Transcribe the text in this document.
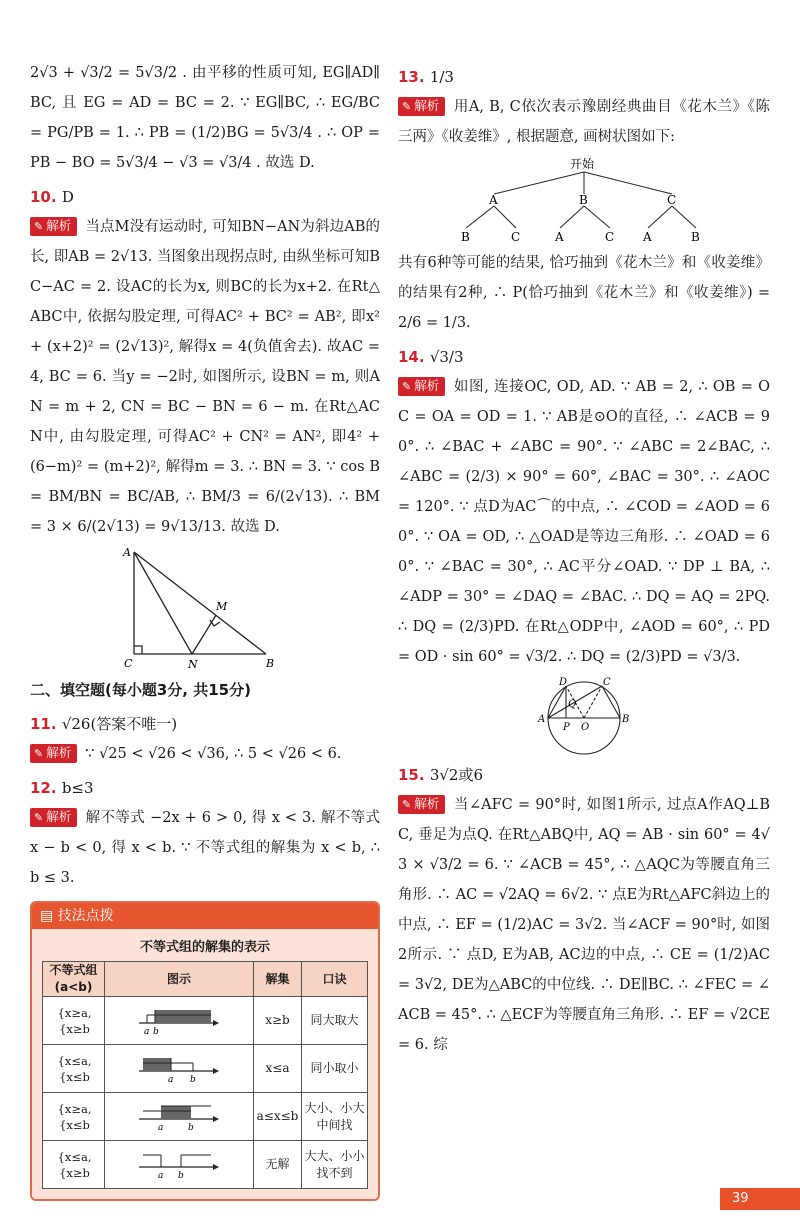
2√3 + √3/2 = 5√3/2 . 由平移的性质可知, EG∥AD∥BC, 且 EG = AD = BC = 2. ∵ EG∥BC, ∴ EG/BC = PG/PB = 1. ∴ PB = (1/2)BG = 5√3/4 . ∴ OP = PB − BO = 5√3/4 − √3 = √3/4 . 故选 D.
10. D
✎ 解析 当点M没有运动时, 可知BN−AN为斜边AB的长, 即AB = 2√13. 当图象出现拐点时, 由纵坐标可知BC−AC = 2. 设AC的长为x, 则BC的长为x+2. 在Rt△ABC中, 依据勾股定理, 可得AC² + BC² = AB², 即x² + (x+2)² = (2√13)², 解得x = 4(负值舍去). 故AC = 4, BC = 6. 当y = −2时, 如图所示, 设BN = m, 则AN = m + 2, CN = BC − BN = 6 − m. 在Rt△ACN中, 由勾股定理, 可得AC² + CN² = AN², 即4² + (6−m)² = (m+2)², 解得m = 3. ∴ BN = 3. ∵ cos B = BM/BN = BC/AB, ∴ BM/3 = 6/(2√13). ∴ BM = 3 × 6/(2√13) = 9√13/13. 故选 D.
A
M
C	N	B
二、填空题(每小题3分, 共15分)
11. √26(答案不唯一)
✎ 解析 ∵ √25 < √26 < √36, ∴ 5 < √26 < 6.
12. b≤3
✎ 解析 解不等式 −2x + 6 > 0, 得 x < 3. 解不等式 x − b < 0, 得 x < b. ∵ 不等式组的解集为 x < b, ∴ b ≤ 3.
▤ 技法点拨
不等式组的解集的表示
不等式组 (a<b)	图示	解集	口诀
{x≥a,
{x≥b	a b	x≥b	同大取大
{x≤a,
{x≤b	a b	x≤a	同小取小
{x≥a,
{x≤b	a b	a≤x≤b	大小、小大中间找
{x≤a,
{x≥b	a b	无解	大大、小小找不到
13. 1/3
✎ 解析 用A, B, C依次表示豫剧经典曲目《花木兰》《陈三两》《收姜维》, 根据题意, 画树状图如下:
开始
A	B	C
B	C	A	C A	B
共有6种等可能的结果, 恰巧抽到《花木兰》和《收姜维》的结果有2种, ∴ P(恰巧抽到《花木兰》和《收姜维》) = 2/6 = 1/3.
14. √3/3
✎ 解析 如图, 连接OC, OD, AD. ∵ AB = 2, ∴ OB = OC = OA = OD = 1. ∵ AB是⊙O的直径, ∴ ∠ACB = 90°. ∴ ∠BAC + ∠ABC = 90°. ∵ ∠ABC = 2∠BAC, ∴ ∠ABC = (2/3) × 90° = 60°, ∠BAC = 30°. ∴ ∠AOC = 120°. ∵ 点D为AC⌒的中点, ∴ ∠COD = ∠AOD = 60°. ∵ OA = OD, ∴ △OAD是等边三角形. ∴ ∠OAD = 60°. ∵ ∠BAC = 30°, ∴ AC平分∠OAD. ∵ DP ⊥ BA, ∴ ∠ADP = 30° = ∠DAQ = ∠BAC. ∴ DQ = AQ = 2PQ. ∴ DQ = (2/3)PD. 在Rt△ODP中, ∠AOD = 60°, ∴ PD = OD · sin 60° = √3/2. ∴ DQ = (2/3)PD = √3/3.
D	C
Q
A
P O
B
15. 3√2或6
✎ 解析 当∠AFC = 90°时, 如图1所示, 过点A作AQ⊥BC, 垂足为点Q. 在Rt△ABQ中, AQ = AB · sin 60° = 4√3 × √3/2 = 6. ∵ ∠ACB = 45°, ∴ △AQC为等腰直角三角形. ∴ AC = √2AQ = 6√2. ∵ 点E为Rt△AFC斜边上的中点, ∴ EF = (1/2)AC = 3√2. 当∠ACF = 90°时, 如图2所示. ∵ 点D, E为AB, AC边的中点, ∴ CE = (1/2)AC = 3√2, DE为△ABC的中位线. ∴ DE∥BC. ∴ ∠FEC = ∠ACB = 45°. ∴ △ECF为等腰直角三角形. ∴ EF = √2CE = 6. 综
39
